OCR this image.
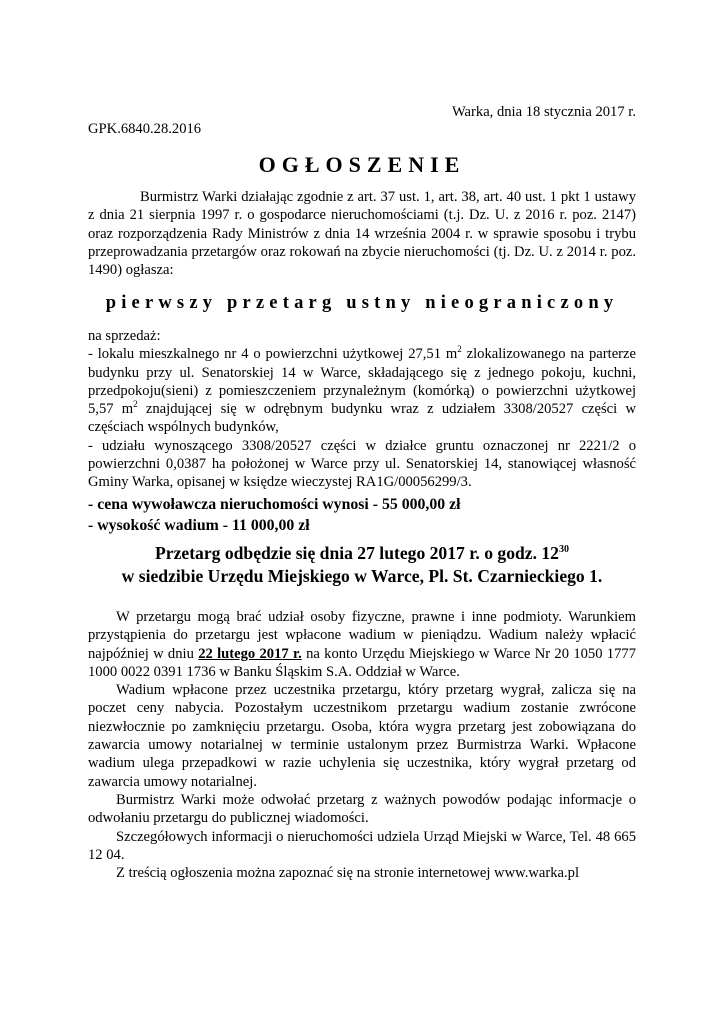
Warka, dnia 18 stycznia 2017 r.
GPK.6840.28.2016
OGŁOSZENIE
Burmistrz Warki działając zgodnie z art. 37 ust. 1, art. 38, art. 40 ust. 1 pkt 1 ustawy z dnia 21 sierpnia 1997 r. o gospodarce nieruchomościami (t.j. Dz. U. z 2016 r. poz. 2147) oraz rozporządzenia Rady Ministrów z dnia 14 września 2004 r. w sprawie sposobu i trybu przeprowadzania przetargów oraz rokowań na zbycie nieruchomości (tj. Dz. U. z 2014 r. poz. 1490) ogłasza:
pierwszy przetarg ustny nieograniczony

na sprzedaż:

- lokalu mieszkalnego nr 4 o powierzchni użytkowej 27,51 $m^2$ zlokalizowanego na parterze budynku przy ul. Senatorskiej 14 w Warce, składającego się z jednego pokoju, kuchni, przedpokoju(sieni) z pomieszczeniem przynależnym (komórką) o powierzchni użytkowej 5,57 $m^2$ znajdującej się w odrębnym budynku wraz z udziałem 3308/20527 części w częściach wspólnych budynków,

- udziału wynoszącego 3308/20527 części w działce gruntu oznaczonej nr 2221/2 o powierzchni 0,0387 ha położonej w Warce przy ul. Senatorskiej 14, stanowiącej własność Gminy Warka, opisanej w księdze wieczystej RA1G/00056299/3.

- cena wywoławcza nieruchomości wynosi - 55 000,00 zł

- wysokość wadium - 11 000,00 zł

Przetarg odbędzie się dnia 27 lutego 2017 r. o godz. $12^{30}$

w siedzibie Urzędu Miejskiego w Warce, Pl. St. Czarnieckiego 1.

W przetargu mogą brać udział osoby fizyczne, prawne i inne podmioty. Warunkiem przystąpienia do przetargu jest wpłacone wadium w pieniądzu. Wadium należy wpłacić najpóźniej w dniu 22 lutego 2017 r. na konto Urzędu Miejskiego w Warce Nr 20 1050 1777 1000 0022 0391 1736 w Banku Śląskim S.A. Oddział w Warce.

Wadium wpłacone przez uczestnika przetargu, który przetarg wygrał, zalicza się na poczet ceny nabycia. Pozostałym uczestnikom przetargu wadium zostanie zwrócone niezwłocznie po zamknięciu przetargu. Osoba, która wygra przetarg jest zobowiązana do zawarcia umowy notarialnej w terminie ustalonym przez Burmistrza Warki. Wpłacone wadium ulega przepadkowi w razie uchylenia się uczestnika, który wygrał przetarg od zawarcia umowy notarialnej.

Burmistrz Warki może odwołać przetarg z ważnych powodów podając informacje o odwołaniu przetargu do publicznej wiadomości.

Szczegółowych informacji o nieruchomości udziela Urząd Miejski w Warce, Tel. 48 665 12 04.

Z treścią ogłoszenia można zapoznać się na stronie internetowej www.warka.pl
